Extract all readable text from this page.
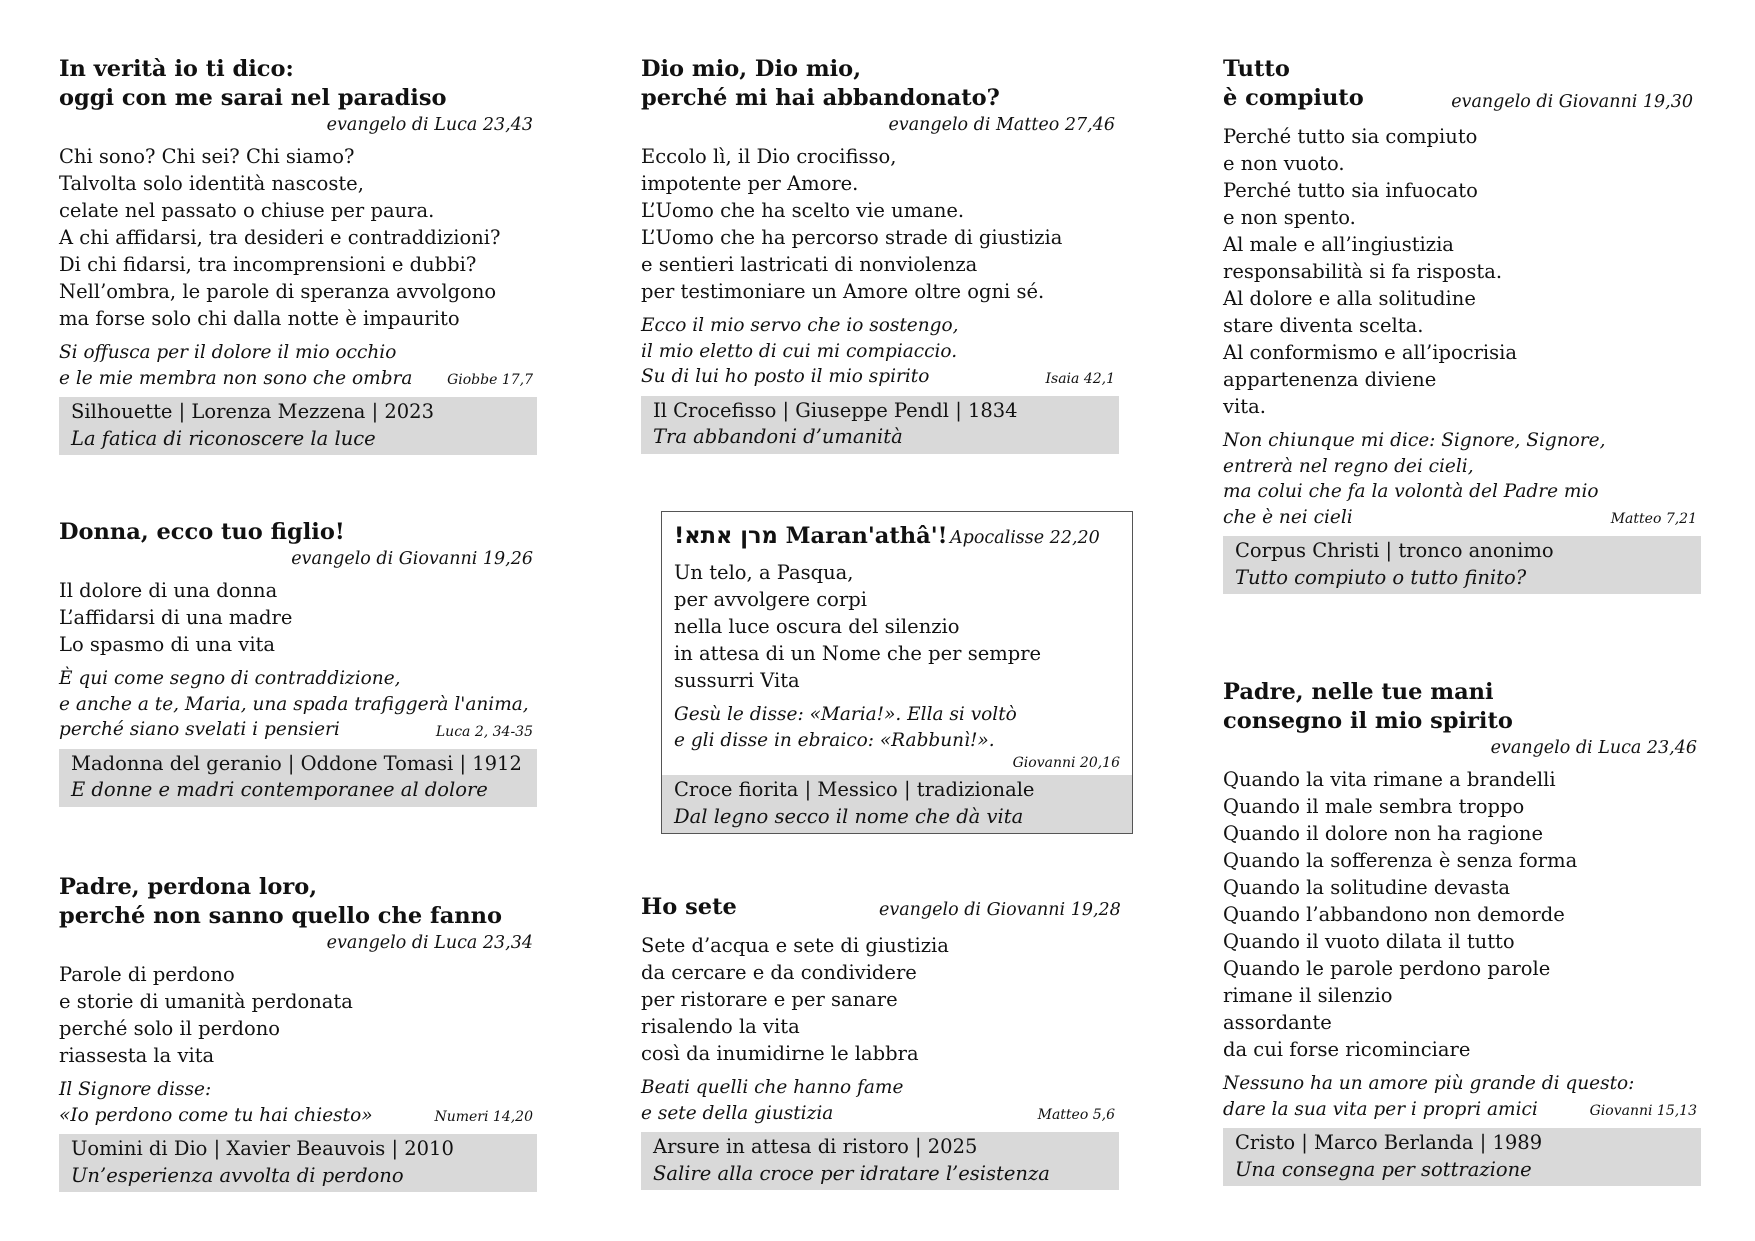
In verità io ti dico:
oggi con me sarai nel paradiso
evangelo di Luca 23,43
Chi sono? Chi sei? Chi siamo?
Talvolta solo identità nascoste,
celate nel passato o chiuse per paura.
A chi affidarsi, tra desideri e contraddizioni?
Di chi fidarsi, tra incomprensioni e dubbi?
Nell’ombra, le parole di speranza avvolgono
ma forse solo chi dalla notte è impaurito
Si offusca per il dolore il mio occhio
e le mie membra non sono che ombra	Giobbe 17,7
Silhouette | Lorenza Mezzena | 2023
La fatica di riconoscere la luce
Donna, ecco tuo figlio!
evangelo di Giovanni 19,26
Il dolore di una donna
L’affidarsi di una madre
Lo spasmo di una vita
È qui come segno di contraddizione,
e anche a te, Maria, una spada trafiggerà l'anima,
perché siano svelati i pensieri	Luca 2, 34-35
Madonna del geranio | Oddone Tomasi | 1912
E donne e madri contemporanee al dolore
Padre, perdona loro,
perché non sanno quello che fanno
evangelo di Luca 23,34
Parole di perdono
e storie di umanità perdonata
perché solo il perdono
riassesta la vita
Il Signore disse:
«Io perdono come tu hai chiesto»	Numeri 14,20
Uomini di Dio | Xavier Beauvois | 2010
Un’esperienza avvolta di perdono
Dio mio, Dio mio,
perché mi hai abbandonato?
evangelo di Matteo 27,46
Eccolo lì, il Dio crocifisso,
impotente per Amore.
L’Uomo che ha scelto vie umane.
L’Uomo che ha percorso strade di giustizia
e sentieri lastricati di nonviolenza
per testimoniare un Amore oltre ogni sé.
Ecco il mio servo che io sostengo,
il mio eletto di cui mi compiaccio.
Su di lui ho posto il mio spirito	Isaia 42,1
Il Crocefisso | Giuseppe Pendl | 1834
Tra abbandoni d’umanità
מרן אתא! Maran'athâ'! Apocalisse 22,20
Un telo, a Pasqua,
per avvolgere corpi
nella luce oscura del silenzio
in attesa di un Nome che per sempre
sussurri Vita
Gesù le disse: «Maria!». Ella si voltò
e gli disse in ebraico: «Rabbunì!».
Giovanni 20,16
Croce fiorita | Messico | tradizionale
Dal legno secco il nome che dà vita
Ho sete	evangelo di Giovanni 19,28
Sete d’acqua e sete di giustizia
da cercare e da condividere
per ristorare e per sanare
risalendo la vita
così da inumidirne le labbra
Beati quelli che hanno fame
e sete della giustizia	Matteo 5,6
Arsure in attesa di ristoro | 2025
Salire alla croce per idratare l’esistenza
Tutto
è compiuto	evangelo di Giovanni 19,30
Perché tutto sia compiuto
e non vuoto.
Perché tutto sia infuocato
e non spento.
Al male e all’ingiustizia
responsabilità si fa risposta.
Al dolore e alla solitudine
stare diventa scelta.
Al conformismo e all’ipocrisia
appartenenza diviene
vita.
Non chiunque mi dice: Signore, Signore,
entrerà nel regno dei cieli,
ma colui che fa la volontà del Padre mio
che è nei cieli	Matteo 7,21
Corpus Christi | tronco anonimo
Tutto compiuto o tutto finito?
Padre, nelle tue mani
consegno il mio spirito
evangelo di Luca 23,46
Quando la vita rimane a brandelli
Quando il male sembra troppo
Quando il dolore non ha ragione
Quando la sofferenza è senza forma
Quando la solitudine devasta
Quando l’abbandono non demorde
Quando il vuoto dilata il tutto
Quando le parole perdono parole
rimane il silenzio
assordante
da cui forse ricominciare
Nessuno ha un amore più grande di questo:
dare la sua vita per i propri amici	Giovanni 15,13
Cristo | Marco Berlanda | 1989
Una consegna per sottrazione
